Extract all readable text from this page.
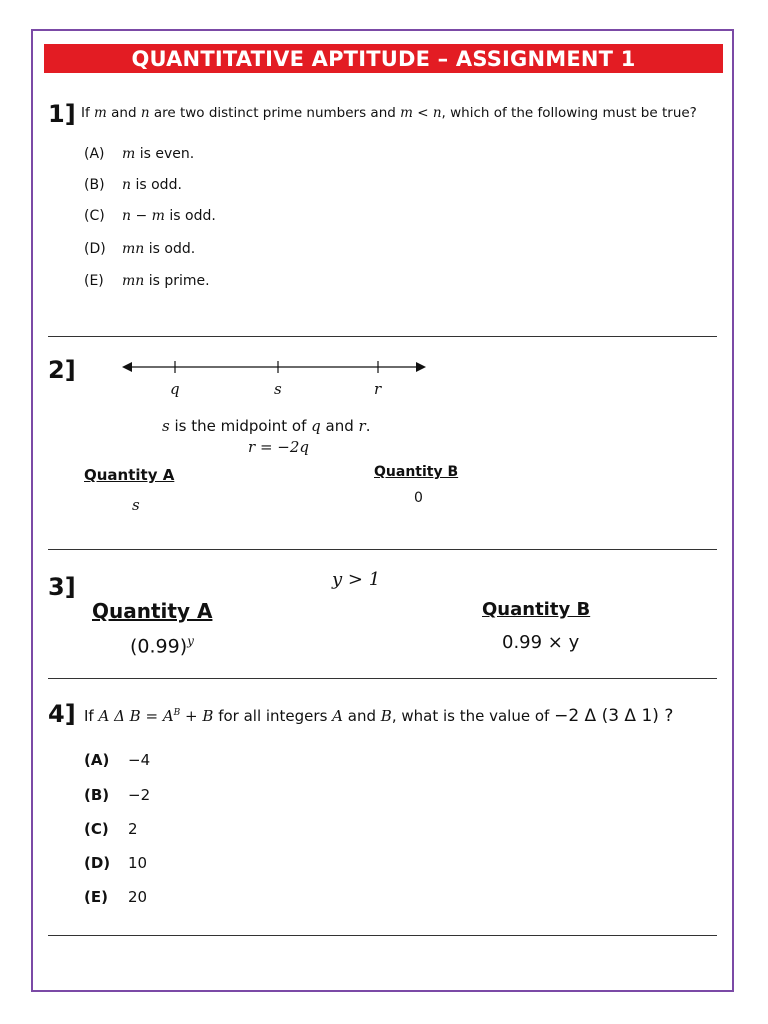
QUANTITATIVE APTITUDE – ASSIGNMENT 1
1] If m and n are two distinct prime numbers and m < n, which of the following must be true?
(A) m is even.
(B) n is odd.
(C) n − m is odd.
(D) mn is odd.
(E) mn is prime.
2]
q	s	r
s is the midpoint of q and r.
r = −2q
Quantity A
s
Quantity B
0
3]	y > 1
Quantity A
$(0.99)^y$
Quantity B
0.99 × y
4] If A Δ $B = A^B + B$ for all integers A and B, what is the value of −2 Δ (3 Δ 1) ?
(A) −4
(B) −2
(C) 2
(D) 10
(E) 20
